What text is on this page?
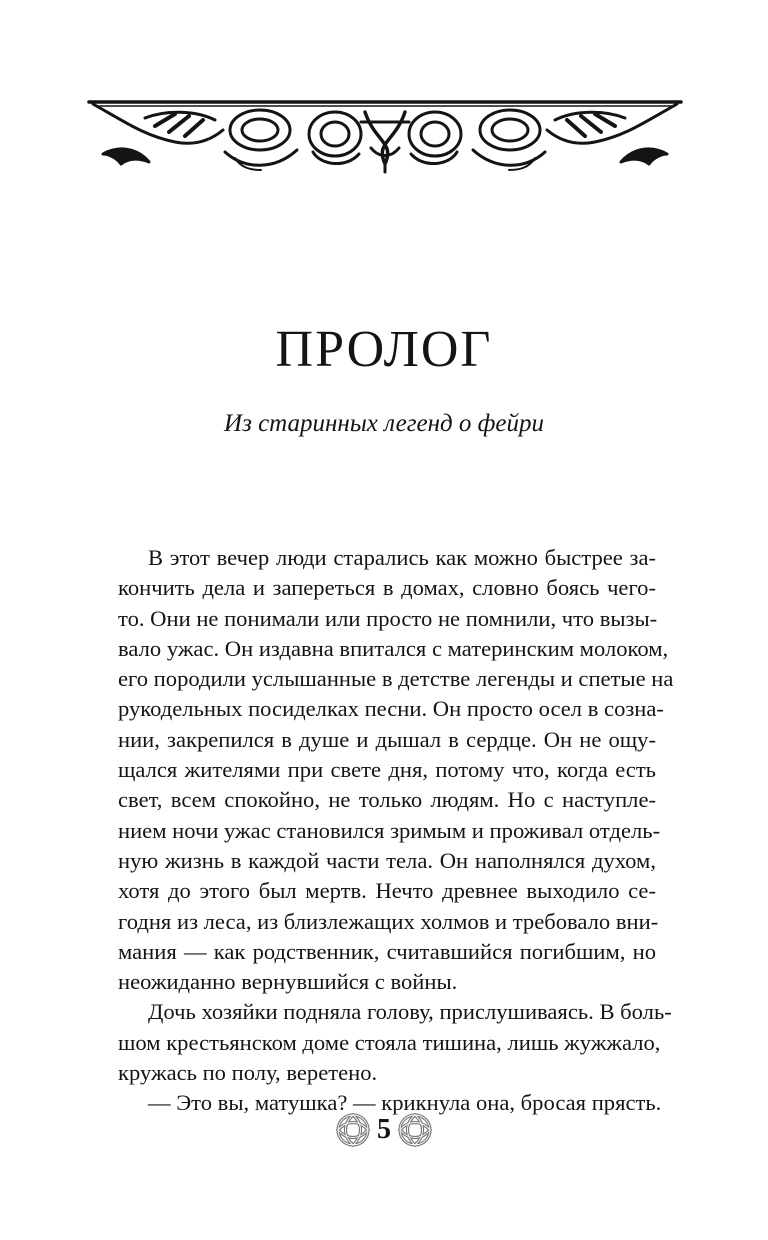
ПРОЛОГ
Из старинных легенд о фейри
В этот вечер люди старались как можно быстрее за-
кончить дела и запереться в домах, словно боясь чего-
то. Они не понимали или просто не помнили, что вызы-
вало ужас. Он издавна впитался с материнским молоком,
его породили услышанные в детстве легенды и спетые на
рукодельных посиделках песни. Он просто осел в созна-
нии, закрепился в душе и дышал в сердце. Он не ощу-
щался жителями при свете дня, потому что, когда есть
свет, всем спокойно, не только людям. Но с наступле-
нием ночи ужас становился зримым и проживал отдель-
ную жизнь в каждой части тела. Он наполнялся духом,
хотя до этого был мертв. Нечто древнее выходило се-
годня из леса, из близлежащих холмов и требовало вни-
мания — как родственник, считавшийся погибшим, но
неожиданно вернувшийся с войны.
Дочь хозяйки подняла голову, прислушиваясь. В боль-
шом крестьянском доме стояла тишина, лишь жужжало,
кружась по полу, веретено.
— Это вы, матушка? — крикнула она, бросая прясть.
5
